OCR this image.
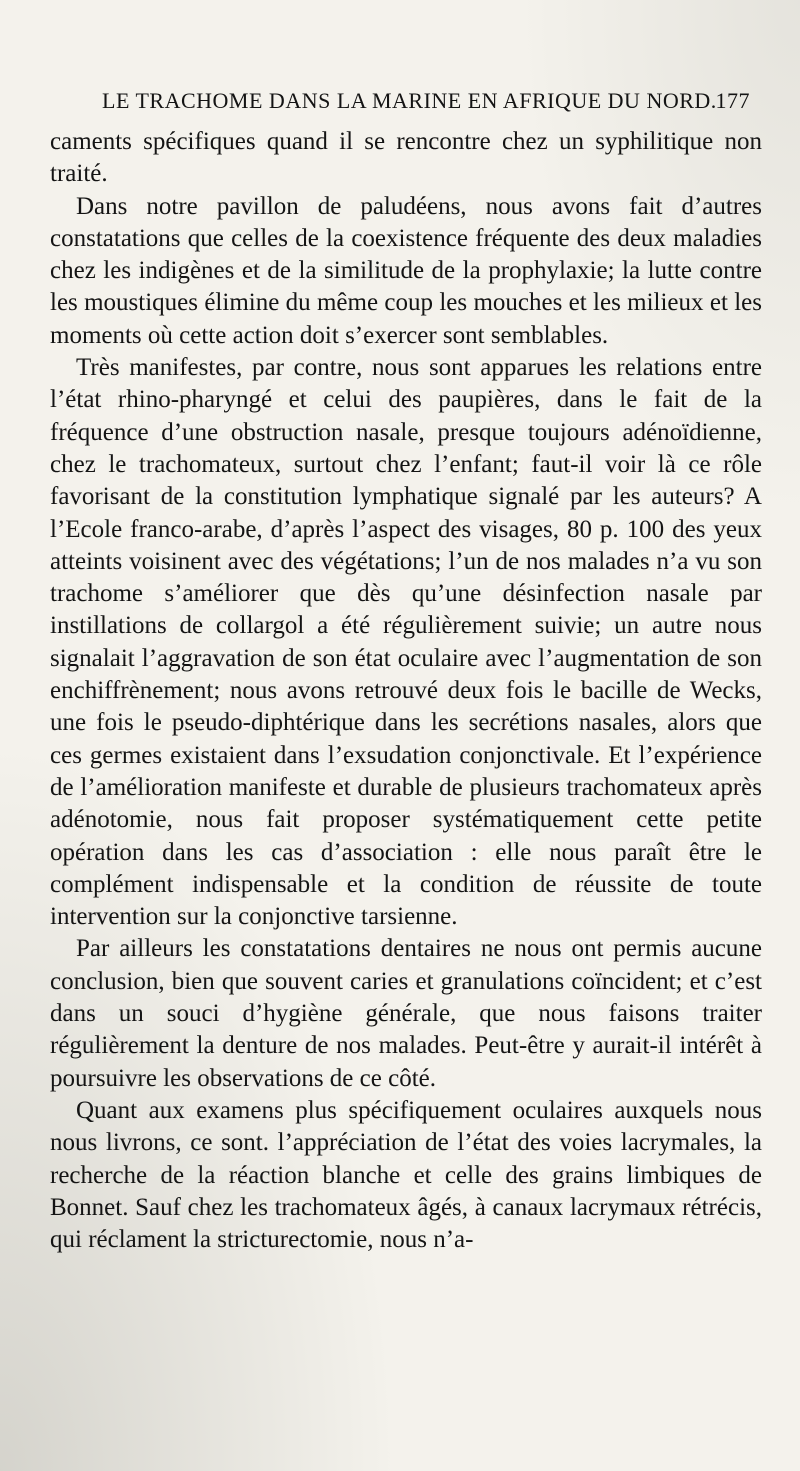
LE TRACHOME DANS LA MARINE EN AFRIQUE DU NORD.
177

caments spécifiques quand il se rencontre chez un syphilitique non traité.

Dans notre pavillon de paludéens, nous avons fait d’autres constatations que celles de la coexistence fréquente des deux maladies chez les indigènes et de la similitude de la prophylaxie; la lutte contre les moustiques élimine du même coup les mouches et les milieux et les moments où cette action doit s’exercer sont semblables.

Très manifestes, par contre, nous sont apparues les relations entre l’état rhino-pharyngé et celui des paupières, dans le fait de la fréquence d’une obstruction nasale, presque toujours adénoïdienne, chez le trachomateux, surtout chez l’enfant; faut-il voir là ce rôle favorisant de la constitution lymphatique signalé par les auteurs? A l’Ecole franco-arabe, d’après l’aspect des visages, 80 p. 100 des yeux atteints voisinent avec des végétations; l’un de nos malades n’a vu son trachome s’améliorer que dès qu’une désinfection nasale par instillations de collargol a été régulièrement suivie; un autre nous signalait l’aggravation de son état oculaire avec l’augmentation de son enchiffrènement; nous avons retrouvé deux fois le bacille de Wecks, une fois le pseudo-diphtérique dans les secrétions nasales, alors que ces germes existaient dans l’exsudation conjonctivale. Et l’expérience de l’amélioration manifeste et durable de plusieurs trachomateux après adénotomie, nous fait proposer systématiquement cette petite opération dans les cas d’association : elle nous paraît être le complément indispensable et la condition de réussite de toute intervention sur la conjonctive tarsienne.

Par ailleurs les constatations dentaires ne nous ont permis aucune conclusion, bien que souvent caries et granulations coïncident; et c’est dans un souci d’hygiène générale, que nous faisons traiter régulièrement la denture de nos malades. Peut-être y aurait-il intérêt à poursuivre les observations de ce côté.

Quant aux examens plus spécifiquement oculaires auxquels nous nous livrons, ce sont. l’appréciation de l’état des voies lacrymales, la recherche de la réaction blanche et celle des grains limbiques de Bonnet. Sauf chez les trachomateux âgés, à canaux lacrymaux rétrécis, qui réclament la stricturectomie, nous n’a-
